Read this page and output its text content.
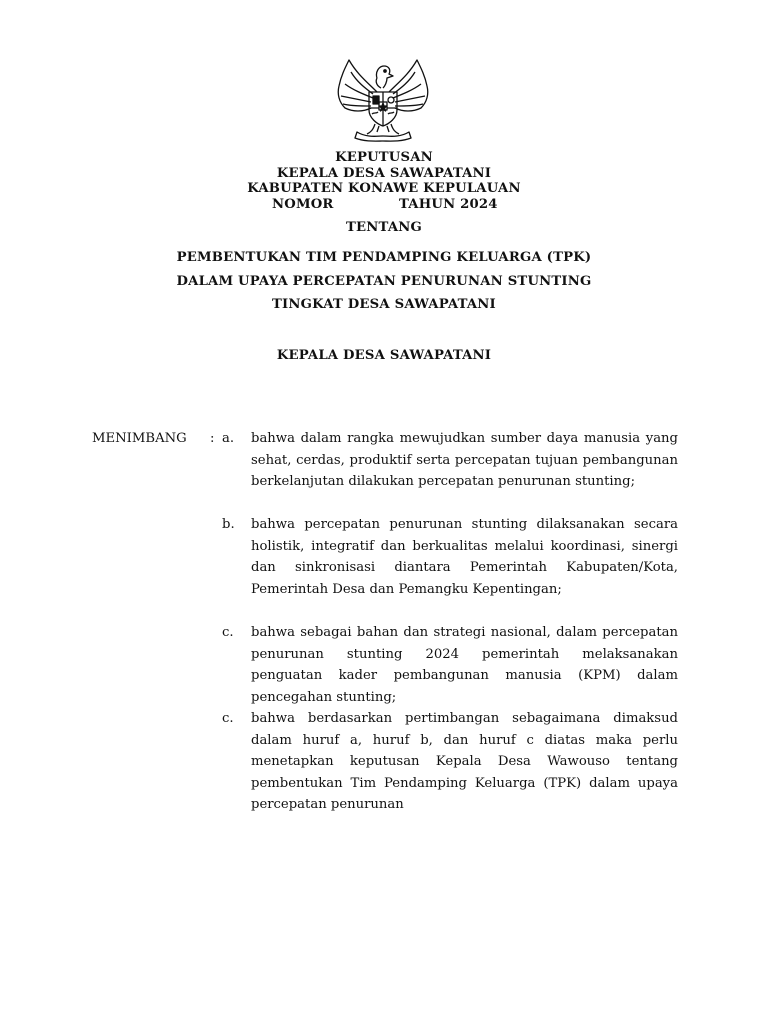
KEPUTUSAN
KEPALA DESA SAWAPATANI
KABUPATEN KONAWE KEPULAUAN
NOMOR	TAHUN 2024
TENTANG
PEMBENTUKAN TIM PENDAMPING KELUARGA (TPK)
DALAM UPAYA PERCEPATAN PENURUNAN STUNTING
TINGKAT DESA SAWAPATANI
KEPALA DESA SAWAPATANI
MENIMBANG : a. bahwa dalam rangka mewujudkan sumber daya manusia yang sehat, cerdas, produktif serta percepatan tujuan pembangunan berkelanjutan dilakukan percepatan penurunan stunting;
b. bahwa percepatan penurunan stunting dilaksanakan secara holistik, integratif dan berkualitas melalui koordinasi, sinergi dan sinkronisasi diantara Pemerintah Kabupaten/Kota, Pemerintah Desa dan Pemangku Kepentingan;
c. bahwa sebagai bahan dan strategi nasional, dalam percepatan penurunan stunting 2024 pemerintah melaksanakan penguatan kader pembangunan manusia (KPM) dalam pencegahan stunting;
c. bahwa berdasarkan pertimbangan sebagaimana dimaksud dalam huruf a, huruf b, dan huruf c diatas maka perlu menetapkan keputusan Kepala Desa Wawouso tentang pembentukan Tim Pendamping Keluarga (TPK) dalam upaya percepatan penurunan
